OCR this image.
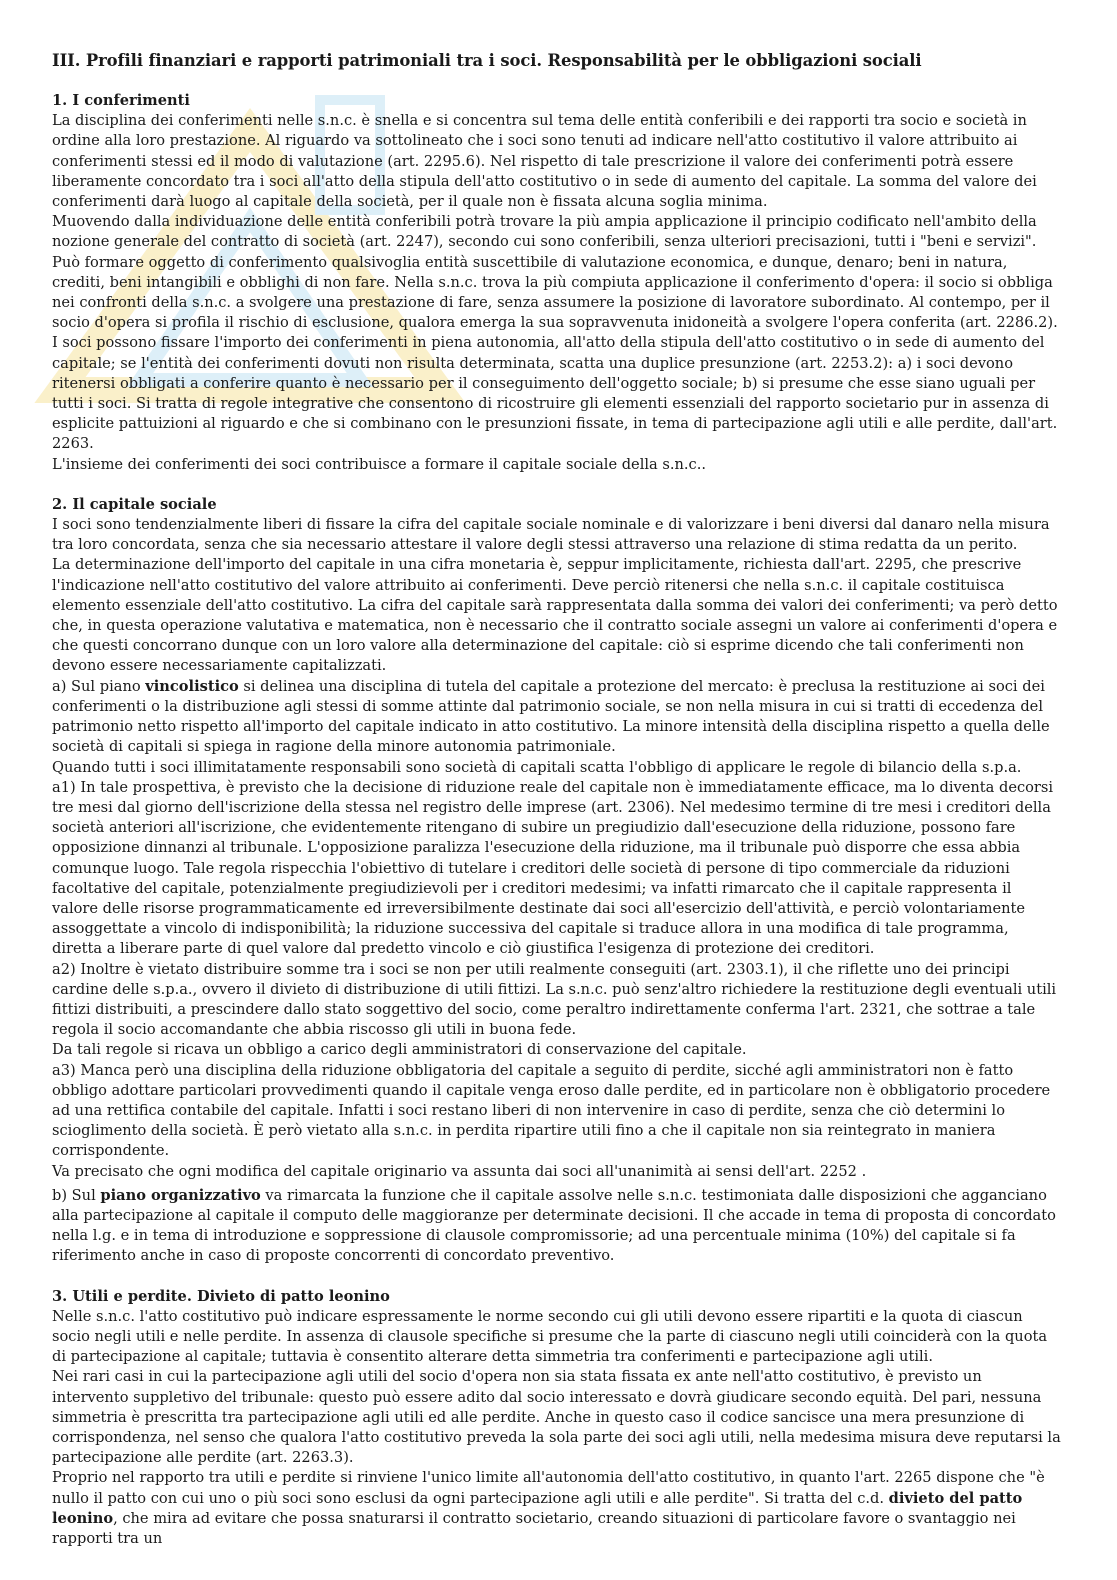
III. Profili finanziari e rapporti patrimoniali tra i soci. Responsabilità per le obbligazioni sociali
1. I conferimenti

La disciplina dei conferimenti nelle s.n.c. è snella e si concentra sul tema delle entità conferibili e dei rapporti tra socio e società in ordine alla loro prestazione. Al riguardo va sottolineato che i soci sono tenuti ad indicare nell'atto costitutivo il valore attribuito ai conferimenti stessi ed il modo di valutazione (art. 2295.6). Nel rispetto di tale prescrizione il valore dei conferimenti potrà essere liberamente concordato tra i soci all'atto della stipula dell'atto costitutivo o in sede di aumento del capitale. La somma del valore dei conferimenti darà luogo al capitale della società, per il quale non è fissata alcuna soglia minima.

Muovendo dalla individuazione delle entità conferibili potrà trovare la più ampia applicazione il principio codificato nell'ambito della nozione generale del contratto di società (art. 2247), secondo cui sono conferibili, senza ulteriori precisazioni, tutti i "beni e servizi". Può formare oggetto di conferimento qualsivoglia entità suscettibile di valutazione economica, e dunque, denaro; beni in natura, crediti, beni intangibili e obblighi di non fare. Nella s.n.c. trova la più compiuta applicazione il conferimento d'opera: il socio si obbliga nei confronti della s.n.c. a svolgere una prestazione di fare, senza assumere la posizione di lavoratore subordinato. Al contempo, per il socio d'opera si profila il rischio di esclusione, qualora emerga la sua sopravvenuta inidoneità a svolgere l'opera conferita (art. 2286.2).

I soci possono fissare l'importo dei conferimenti in piena autonomia, all'atto della stipula dell'atto costitutivo o in sede di aumento del capitale; se l'entità dei conferimenti dovuti non risulta determinata, scatta una duplice presunzione (art. 2253.2): a) i soci devono ritenersi obbligati a conferire quanto è necessario per il conseguimento dell'oggetto sociale; b) si presume che esse siano uguali per tutti i soci. Si tratta di regole integrative che consentono di ricostruire gli elementi essenziali del rapporto societario pur in assenza di esplicite pattuizioni al riguardo e che si combinano con le presunzioni fissate, in tema di partecipazione agli utili e alle perdite, dall'art. 2263.

L'insieme dei conferimenti dei soci contribuisce a formare il capitale sociale della s.n.c..

2. Il capitale sociale

I soci sono tendenzialmente liberi di fissare la cifra del capitale sociale nominale e di valorizzare i beni diversi dal danaro nella misura tra loro concordata, senza che sia necessario attestare il valore degli stessi attraverso una relazione di stima redatta da un perito.

La determinazione dell'importo del capitale in una cifra monetaria è, seppur implicitamente, richiesta dall'art. 2295, che prescrive l'indicazione nell'atto costitutivo del valore attribuito ai conferimenti. Deve perciò ritenersi che nella s.n.c. il capitale costituisca elemento essenziale dell'atto costitutivo. La cifra del capitale sarà rappresentata dalla somma dei valori dei conferimenti; va però detto che, in questa operazione valutativa e matematica, non è necessario che il contratto sociale assegni un valore ai conferimenti d'opera e che questi concorrano dunque con un loro valore alla determinazione del capitale: ciò si esprime dicendo che tali conferimenti non devono essere necessariamente capitalizzati.

a) Sul piano vincolistico si delinea una disciplina di tutela del capitale a protezione del mercato: è preclusa la restituzione ai soci dei conferimenti o la distribuzione agli stessi di somme attinte dal patrimonio sociale, se non nella misura in cui si tratti di eccedenza del patrimonio netto rispetto all'importo del capitale indicato in atto costitutivo. La minore intensità della disciplina rispetto a quella delle società di capitali si spiega in ragione della minore autonomia patrimoniale.

Quando tutti i soci illimitatamente responsabili sono società di capitali scatta l'obbligo di applicare le regole di bilancio della s.p.a.

a1) In tale prospettiva, è previsto che la decisione di riduzione reale del capitale non è immediatamente efficace, ma lo diventa decorsi tre mesi dal giorno dell'iscrizione della stessa nel registro delle imprese (art. 2306). Nel medesimo termine di tre mesi i creditori della società anteriori all'iscrizione, che evidentemente ritengano di subire un pregiudizio dall'esecuzione della riduzione, possono fare opposizione dinnanzi al tribunale. L'opposizione paralizza l'esecuzione della riduzione, ma il tribunale può disporre che essa abbia comunque luogo. Tale regola rispecchia l'obiettivo di tutelare i creditori delle società di persone di tipo commerciale da riduzioni facoltative del capitale, potenzialmente pregiudizievoli per i creditori medesimi; va infatti rimarcato che il capitale rappresenta il valore delle risorse programmaticamente ed irreversibilmente destinate dai soci all'esercizio dell'attività, e perciò volontariamente assoggettate a vincolo di indisponibilità; la riduzione successiva del capitale si traduce allora in una modifica di tale programma, diretta a liberare parte di quel valore dal predetto vincolo e ciò giustifica l'esigenza di protezione dei creditori.

a2) Inoltre è vietato distribuire somme tra i soci se non per utili realmente conseguiti (art. 2303.1), il che riflette uno dei principi cardine delle s.p.a., ovvero il divieto di distribuzione di utili fittizi. La s.n.c. può senz'altro richiedere la restituzione degli eventuali utili fittizi distribuiti, a prescindere dallo stato soggettivo del socio, come peraltro indirettamente conferma l'art. 2321, che sottrae a tale regola il socio accomandante che abbia riscosso gli utili in buona fede.

Da tali regole si ricava un obbligo a carico degli amministratori di conservazione del capitale.

a3) Manca però una disciplina della riduzione obbligatoria del capitale a seguito di perdite, sicché agli amministratori non è fatto obbligo adottare particolari provvedimenti quando il capitale venga eroso dalle perdite, ed in particolare non è obbligatorio procedere ad una rettifica contabile del capitale. Infatti i soci restano liberi di non intervenire in caso di perdite, senza che ciò determini lo scioglimento della società. È però vietato alla s.n.c. in perdita ripartire utili fino a che il capitale non sia reintegrato in maniera corrispondente.

Va precisato che ogni modifica del capitale originario va assunta dai soci all'unanimità ai sensi dell'art. 2252 .

b) Sul piano organizzativo va rimarcata la funzione che il capitale assolve nelle s.n.c. testimoniata dalle disposizioni che agganciano alla partecipazione al capitale il computo delle maggioranze per determinate decisioni. Il che accade in tema di proposta di concordato nella l.g. e in tema di introduzione e soppressione di clausole compromissorie; ad una percentuale minima (10%) del capitale si fa riferimento anche in caso di proposte concorrenti di concordato preventivo.

3. Utili e perdite. Divieto di patto leonino

Nelle s.n.c. l'atto costitutivo può indicare espressamente le norme secondo cui gli utili devono essere ripartiti e la quota di ciascun socio negli utili e nelle perdite. In assenza di clausole specifiche si presume che la parte di ciascuno negli utili coinciderà con la quota di partecipazione al capitale; tuttavia è consentito alterare detta simmetria tra conferimenti e partecipazione agli utili.

Nei rari casi in cui la partecipazione agli utili del socio d'opera non sia stata fissata ex ante nell'atto costitutivo, è previsto un intervento suppletivo del tribunale: questo può essere adito dal socio interessato e dovrà giudicare secondo equità. Del pari, nessuna simmetria è prescritta tra partecipazione agli utili ed alle perdite. Anche in questo caso il codice sancisce una mera presunzione di corrispondenza, nel senso che qualora l'atto costitutivo preveda la sola parte dei soci agli utili, nella medesima misura deve reputarsi la partecipazione alle perdite (art. 2263.3).

Proprio nel rapporto tra utili e perdite si rinviene l'unico limite all'autonomia dell'atto costitutivo, in quanto l'art. 2265 dispone che "è nullo il patto con cui uno o più soci sono esclusi da ogni partecipazione agli utili e alle perdite". Si tratta del c.d. divieto del patto leonino, che mira ad evitare che possa snaturarsi il contratto societario, creando situazioni di particolare favore o svantaggio nei rapporti tra un
